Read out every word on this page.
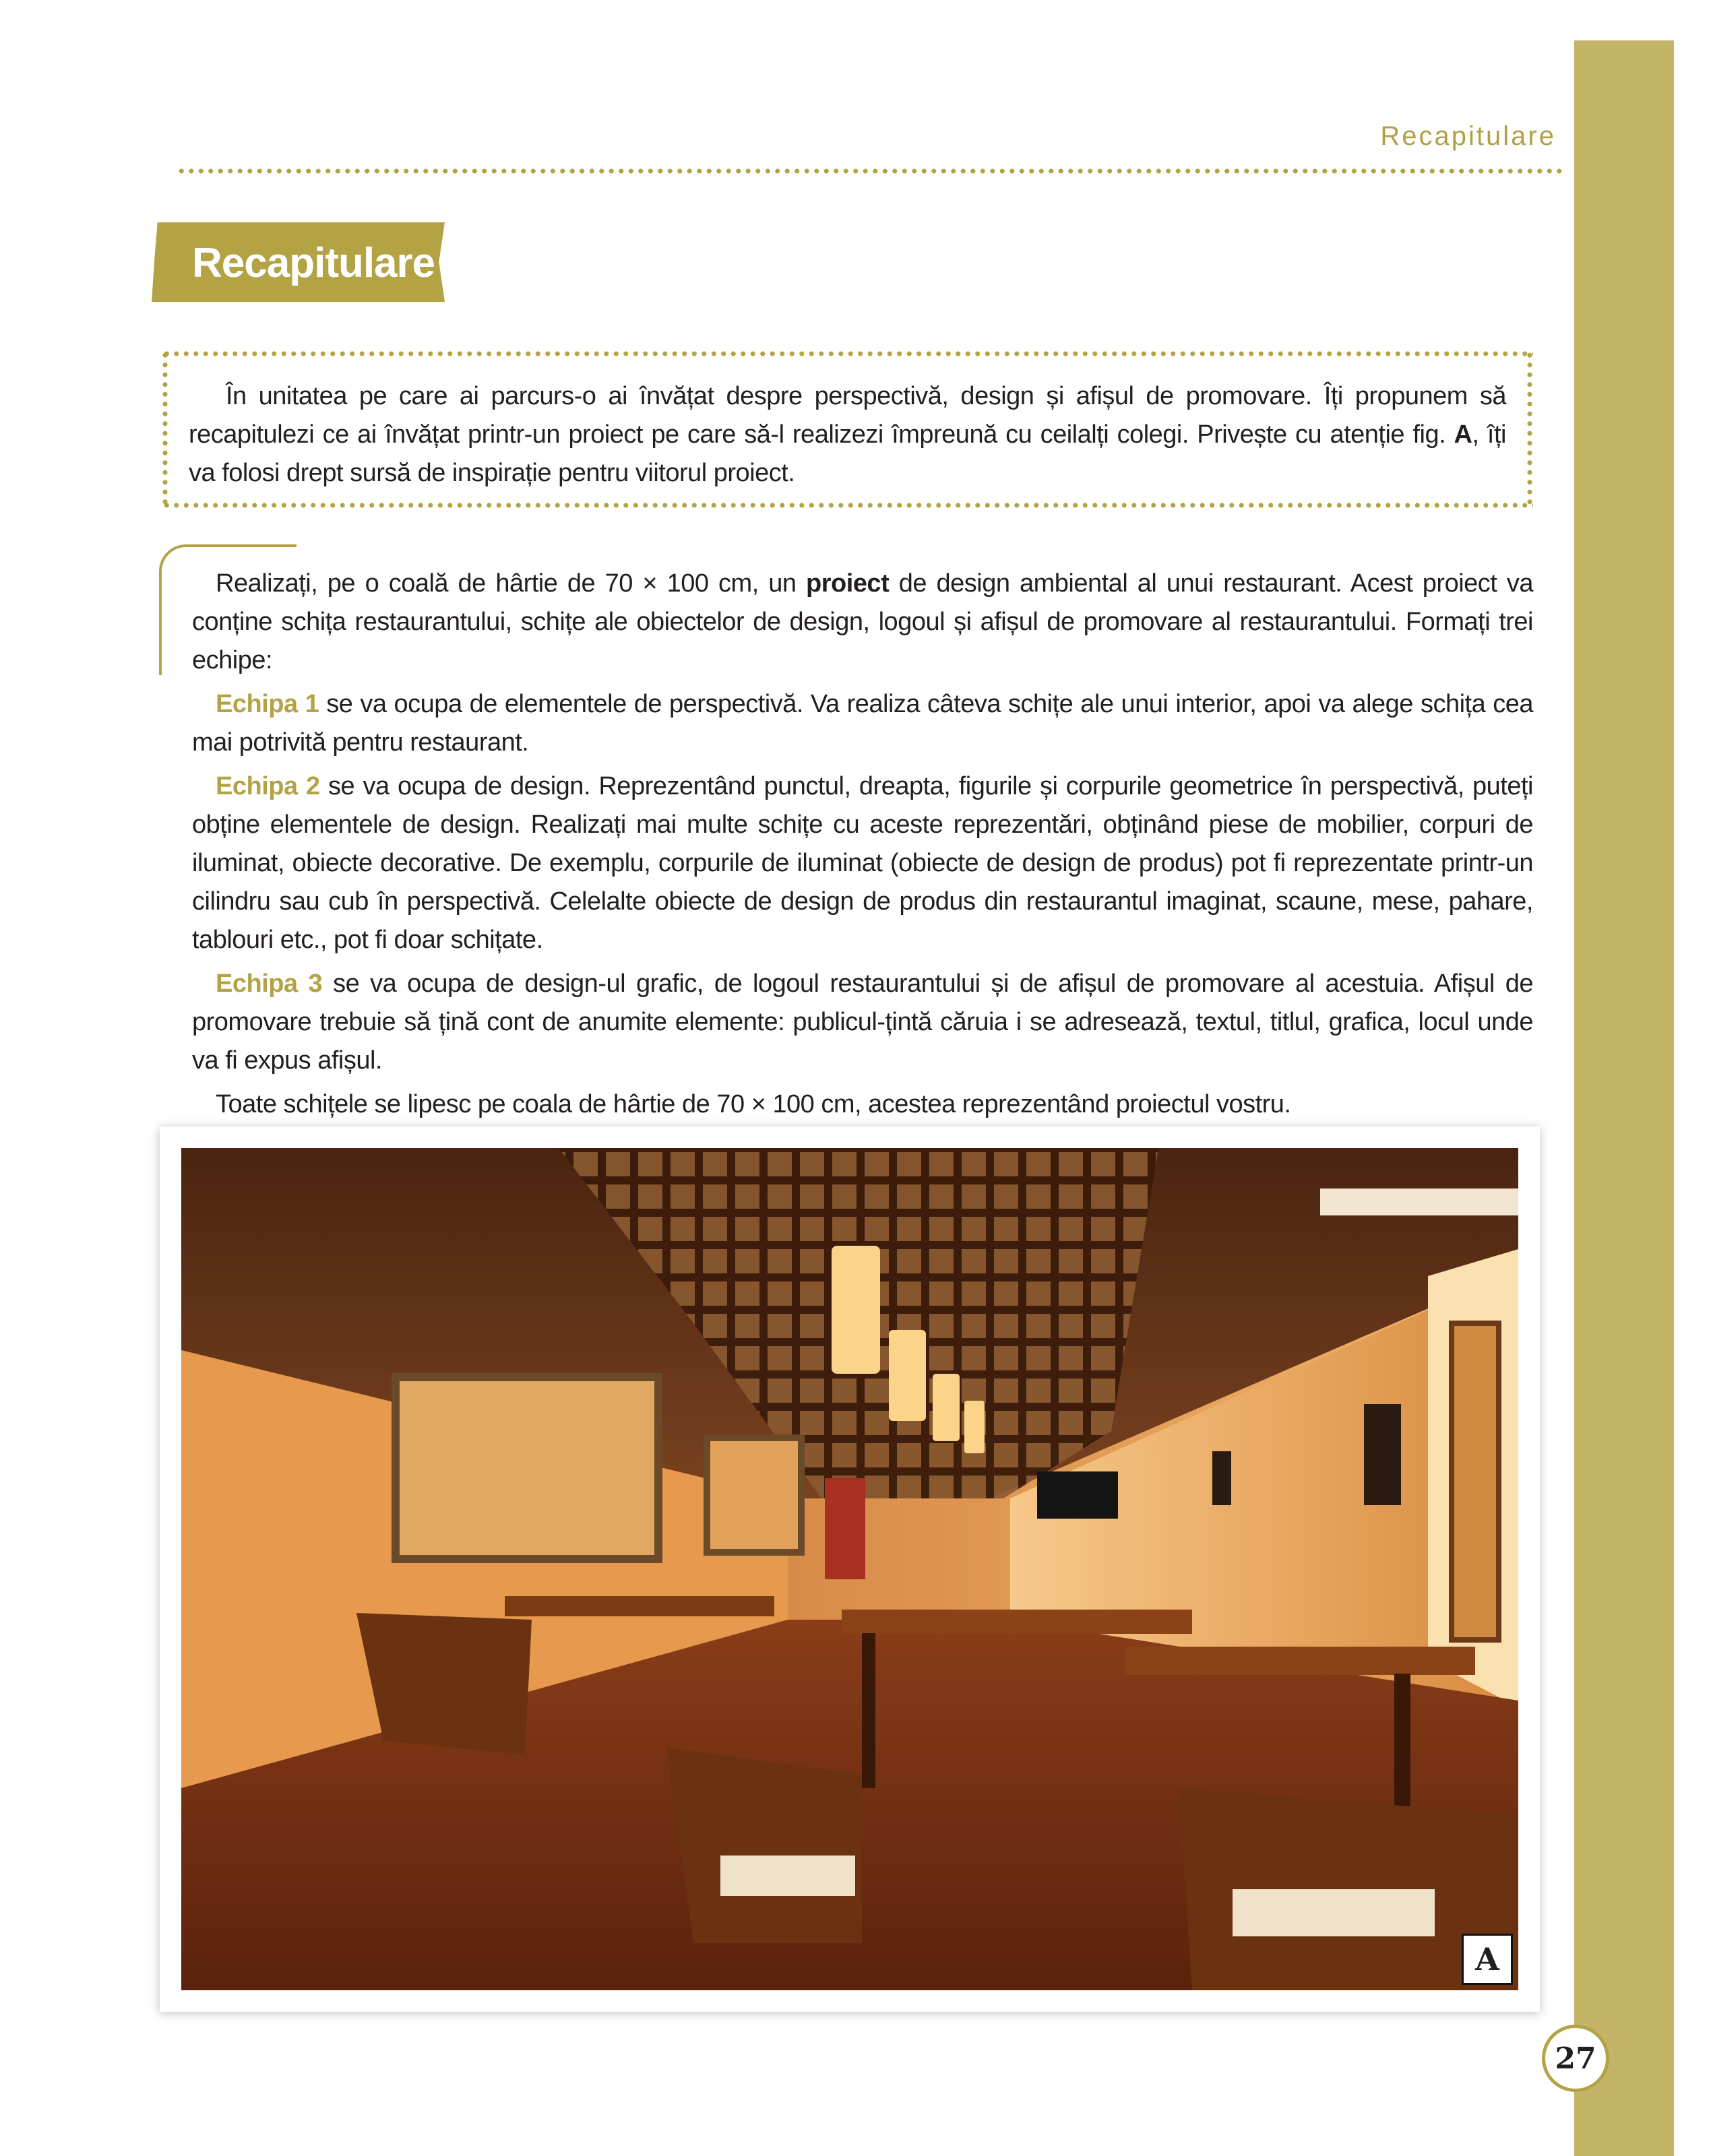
Recapitulare
Recapitulare

În unitatea pe care ai parcurs-o ai învățat despre perspectivă, design și afișul de promovare. Îți propunem să recapitulezi ce ai învățat printr-un proiect pe care să-l realizezi împreună cu ceilalți colegi. Privește cu atenție fig. A, îți va folosi drept sursă de inspirație pentru viitorul proiect.

Realizați, pe o coală de hârtie de 70 × 100 cm, un proiect de design ambiental al unui restaurant. Acest proiect va conține schița restaurantului, schițe ale obiectelor de design, logoul și afișul de promovare al restaurantului. Formați trei echipe:

Echipa 1 se va ocupa de elementele de perspectivă. Va realiza câteva schițe ale unui interior, apoi va alege schița cea mai potrivită pentru restaurant.

Echipa 2 se va ocupa de design. Reprezentând punctul, dreapta, figurile și corpurile geometrice în perspectivă, puteți obține elementele de design. Realizați mai multe schițe cu aceste reprezentări, obținând piese de mobilier, corpuri de iluminat, obiecte decorative. De exemplu, corpurile de iluminat (obiecte de design de produs) pot fi reprezentate printr-un cilindru sau cub în perspectivă. Celelalte obiecte de design de produs din restaurantul imaginat, scaune, mese, pahare, tablouri etc., pot fi doar schițate.

Echipa 3 se va ocupa de design-ul grafic, de logoul restaurantului și de afișul de promovare al acestuia. Afișul de promovare trebuie să țină cont de anumite elemente: publicul-țintă căruia i se adresează, textul, titlul, grafica, locul unde va fi expus afișul.

Toate schițele se lipesc pe coala de hârtie de 70 × 100 cm, acestea reprezentând proiectul vostru.

A
27
